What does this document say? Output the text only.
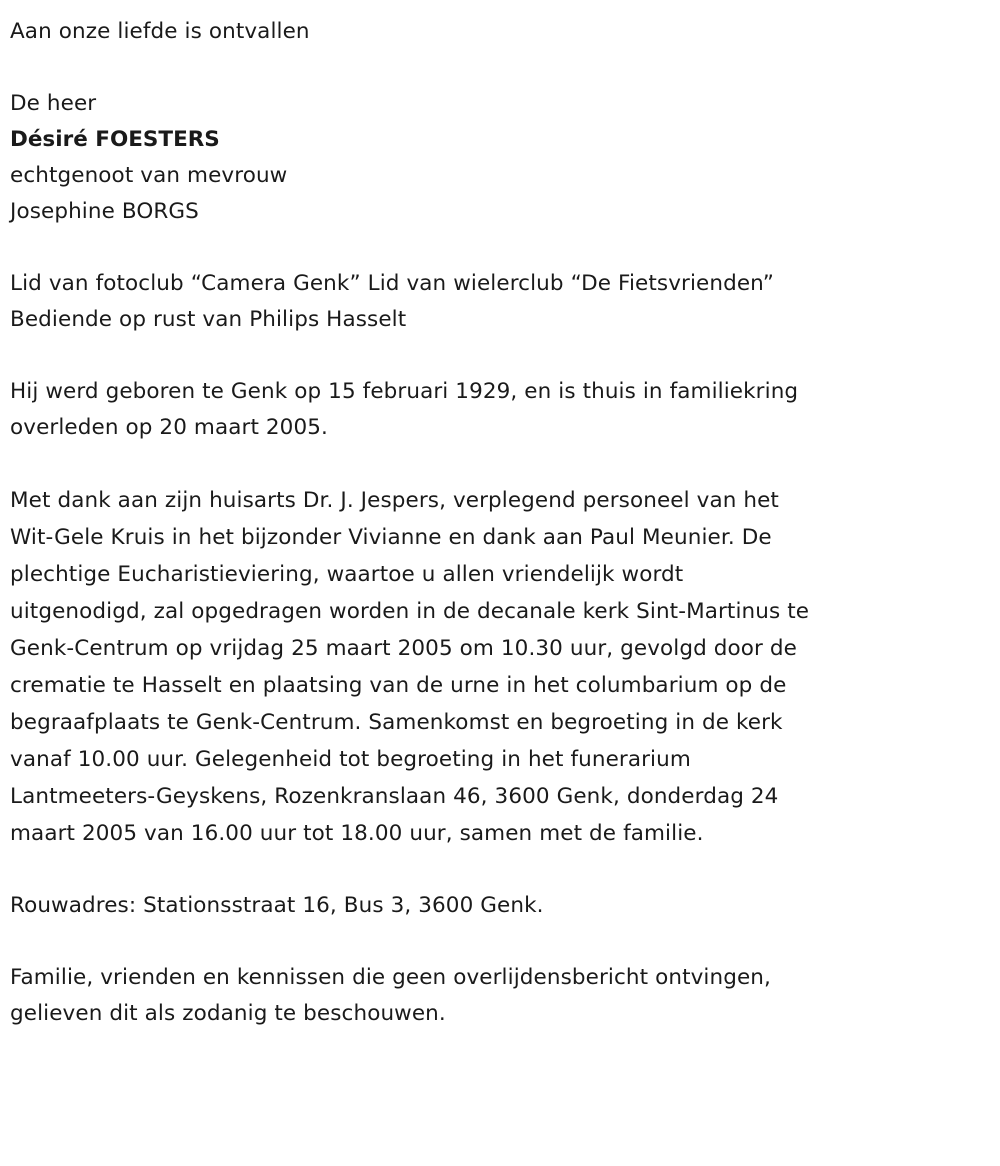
Aan onze liefde is ontvallen
De heer
Désiré FOESTERS
echtgenoot van mevrouw
Josephine BORGS
Lid van fotoclub “Camera Genk” Lid van wielerclub “De Fietsvrienden”
Bediende op rust van Philips Hasselt
Hij werd geboren te Genk op 15 februari 1929, en is thuis in familiekring
overleden op 20 maart 2005.
Met dank aan zijn huisarts Dr. J. Jespers, verplegend personeel van het
Wit-Gele Kruis in het bijzonder Vivianne en dank aan Paul Meunier. De
plechtige Eucharistieviering, waartoe u allen vriendelijk wordt
uitgenodigd, zal opgedragen worden in de decanale kerk Sint-Martinus te
Genk-Centrum op vrijdag 25 maart 2005 om 10.30 uur, gevolgd door de
crematie te Hasselt en plaatsing van de urne in het columbarium op de
begraafplaats te Genk-Centrum. Samenkomst en begroeting in de kerk
vanaf 10.00 uur. Gelegenheid tot begroeting in het funerarium
Lantmeeters-Geyskens, Rozenkranslaan 46, 3600 Genk, donderdag 24
maart 2005 van 16.00 uur tot 18.00 uur, samen met de familie.
Rouwadres: Stationsstraat 16, Bus 3, 3600 Genk.
Familie, vrienden en kennissen die geen overlijdensbericht ontvingen,
gelieven dit als zodanig te beschouwen.
